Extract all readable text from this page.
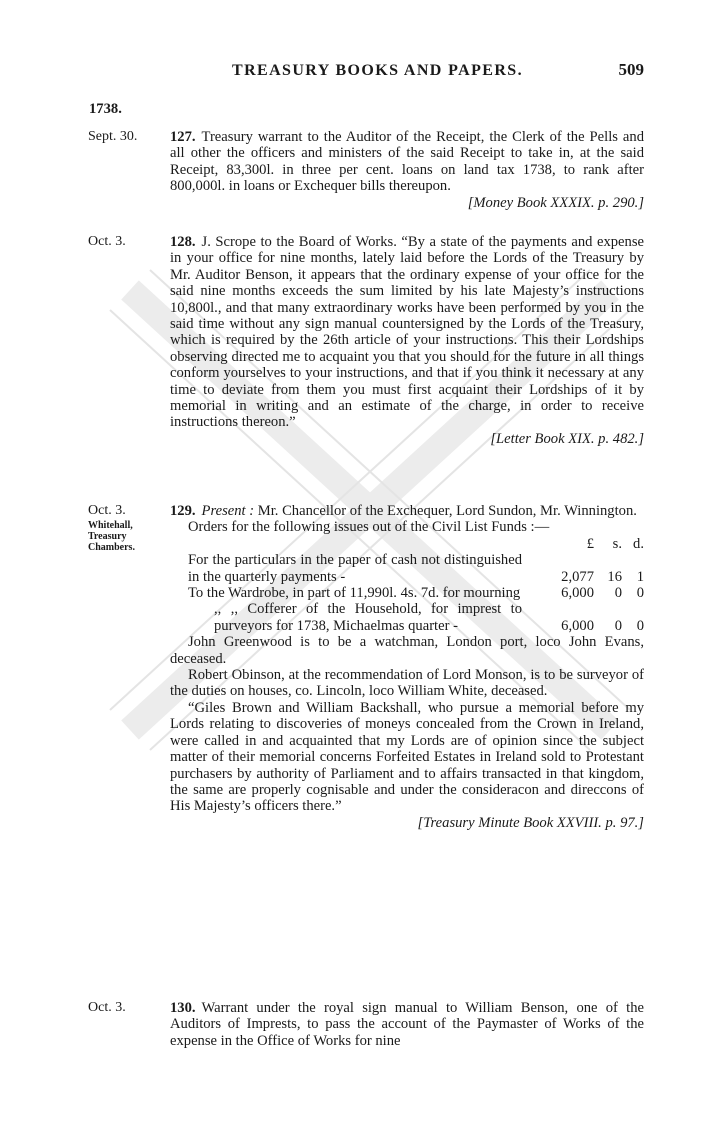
TREASURY BOOKS AND PAPERS.	509
1738.
Sept. 30.	127. Treasury warrant to the Auditor of the Receipt, the Clerk of the Pells and all other the officers and ministers of the said Receipt to take in, at the said Receipt, 83,300l. in three per cent. loans on land tax 1738, to rank after 800,000l. in loans or Exchequer bills thereupon.

[Money Book XXXIX. p. 290.]
Oct. 3.	128. J. Scrope to the Board of Works. “By a state of the payments and expense in your office for nine months, lately laid before the Lords of the Treasury by Mr. Auditor Benson, it appears that the ordinary expense of your office for the said nine months exceeds the sum limited by his late Majesty’s instructions 10,800l., and that many extraordinary works have been performed by you in the said time without any sign manual countersigned by the Lords of the Treasury, which is required by the 26th article of your instructions. This their Lordships observing directed me to acquaint you that you should for the future in all things conform yourselves to your instructions, and that if you think it necessary at any time to deviate from them you must first acquaint their Lordships of it by memorial in writing and an estimate of the charge, in order to receive instructions thereon.”

[Letter Book XIX. p. 482.]
Oct. 3.
Whitehall,
Treasury
Chambers.

129. Present : Mr. Chancellor of the Exchequer, Lord Sundon, Mr. Winnington.

Orders for the following issues out of the Civil List Funds :—

£	s. d.
For the particulars in the paper of cash not distinguished in the quarterly payments -	2,077 16	1
To the Wardrobe, in part of 11,990l. 4s. 7d. for mourning	6,000	0	0
,, ,, Cofferer of the Household, for imprest to purveyors for 1738, Michaelmas quarter -	6,000	0	0

John Greenwood is to be a watchman, London port, loco John Evans, deceased.

Robert Obinson, at the recommendation of Lord Monson, is to be surveyor of the duties on houses, co. Lincoln, loco William White, deceased.

“Giles Brown and William Backshall, who pursue a memorial before my Lords relating to discoveries of moneys concealed from the Crown in Ireland, were called in and acquainted that my Lords are of opinion since the subject matter of their memorial concerns Forfeited Estates in Ireland sold to Protestant purchasers by authority of Parliament and to affairs transacted in that kingdom, the same are properly cognisable and under the consideracon and direccons of His Majesty’s officers there.”

[Treasury Minute Book XXVIII. p. 97.]
Oct. 3.	130. Warrant under the royal sign manual to William Benson, one of the Auditors of Imprests, to pass the account of the Paymaster of Works of the expense in the Office of Works for nine
